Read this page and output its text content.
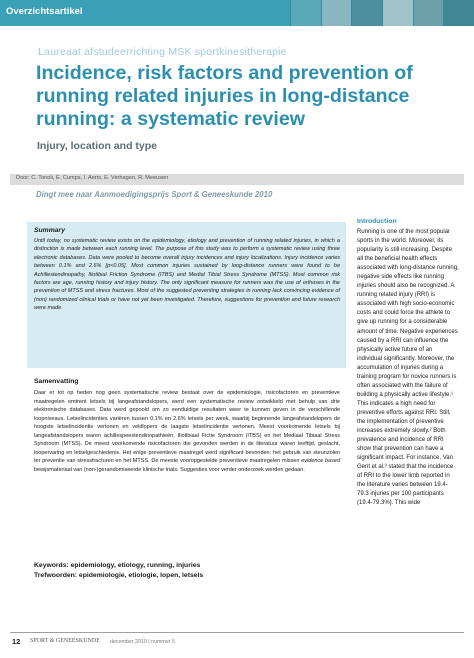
Overzichtsartikel
Laureaat afstudeerrichting MSK sportkinesitherapie
Incidence, risk factors and prevention of running related injuries in long-distance running: a systematic review
Injury, location and type
Door: C. Tonoli, E. Cumps, I. Aerts, E. Verhagen, R. Meeusen
Dingt mee naar Aanmoedigingsprijs Sport & Geneeskunde 2010
Summary

Until today, no systematic review exists on the epidemiology, etiology and prevention of running related injuries, in which a distinction is made between each running level. The purpose of this study was to perform a systematic review using three electronic databases. Data were pooled to become overall injury incidences and injury localizations. Injury incidence varies between 0.1% and 2.6% [p<0.05]. Most common injuries sustained by long-distance runners were found to be Achillestendinopathy, Iliotibial Friction Syndrome (ITBS) and Medial Tibial Stress Syndrome (MTSS). Most common risk factors are age, running history and injury history. The only significant measure for runners was the use of orthoses in the prevention of MTSS and stress fractures. Most of the suggested preventing strategies in running lack convincing evidence of (non) randomized clinical trials or have not yet been investigated. Therefore, suggestions for prevention and future research were made.

Samenvatting

Daar er tot op heden nog geen systematische review bestaat over de epidemiologie, risicofactoren en preventieve maatregelen omtrent letsels bij langeafstandslopers, werd een systematische review ontwikkeld met behulp van drie elektronische databases. Data werd gepoold om zo eenduidige resultaten weer te kunnen geven in de verschillende loopniveaus. Letselincidenties variëren tussen 0,1% en 2,6% letsels per week, waarbij beginnende langeafstandslopers de hoogste letselincidentie vertonen en veldlopers de laagste letselincidentie vertonen. Meest voorkomende letsels bij langeafstandslopers waren achillespeestendinopathieën, Iliotibiaal Fictie Syndroom (ITBS) en het Mediaal Tibiaal Stress Syndroom (MTSS). De meest voorkomende risicofactoren die gevonden werden in de literatuur waren leeftijd, geslacht, loopervaring en letselgeschiedenis. Het enige preventieve maatregel werd significant bevonden: het gebruik van steunzolen ter preventie van stressfracturen en het MTSS. De meeste vooropgestelde preventieve maatregelen missen evidence based bewijsmateriaal van (non-)gerandomiseerde klinische trials. Suggesties voor verder onderzoek werden gedaan.

Keywords: epidemiology, etiology, running, injuries
Trefwoorden: epidemiologie, etiologie, lopen, letsels
Introduction

Running is one of the most popular sports in the world. Moreover, its popularity is still increasing. Despite all the beneficial health effects associated with long-distance running, negative side effects like running injuries should also be recognized. A running related injury (RRI) is associated with high socio-economic costs and could force the athlete to give up running for a considerable amount of time. Negative experiences caused by a RRI can influence the physically active future of an individual significantly. Moreover, the accumulation of injuries during a training program for novice runners is often associated with the failure of building a physically active lifestyle.¹ This indicates a high need for preventive efforts against RRI. Still, the implementation of preventive increases extremely slowly.² Both prevalence and incidence of RRI show that prevention can have a significant impact. For instance, Van Gent et al.³ stated that the incidence of RRI to the lower limb reported in the literature varies between 19.4-79.3 injuries per 100 participants (19.4-79.3%). This wide

12 SPORT & GENEESKUNDE december 2010 | nummer 5
